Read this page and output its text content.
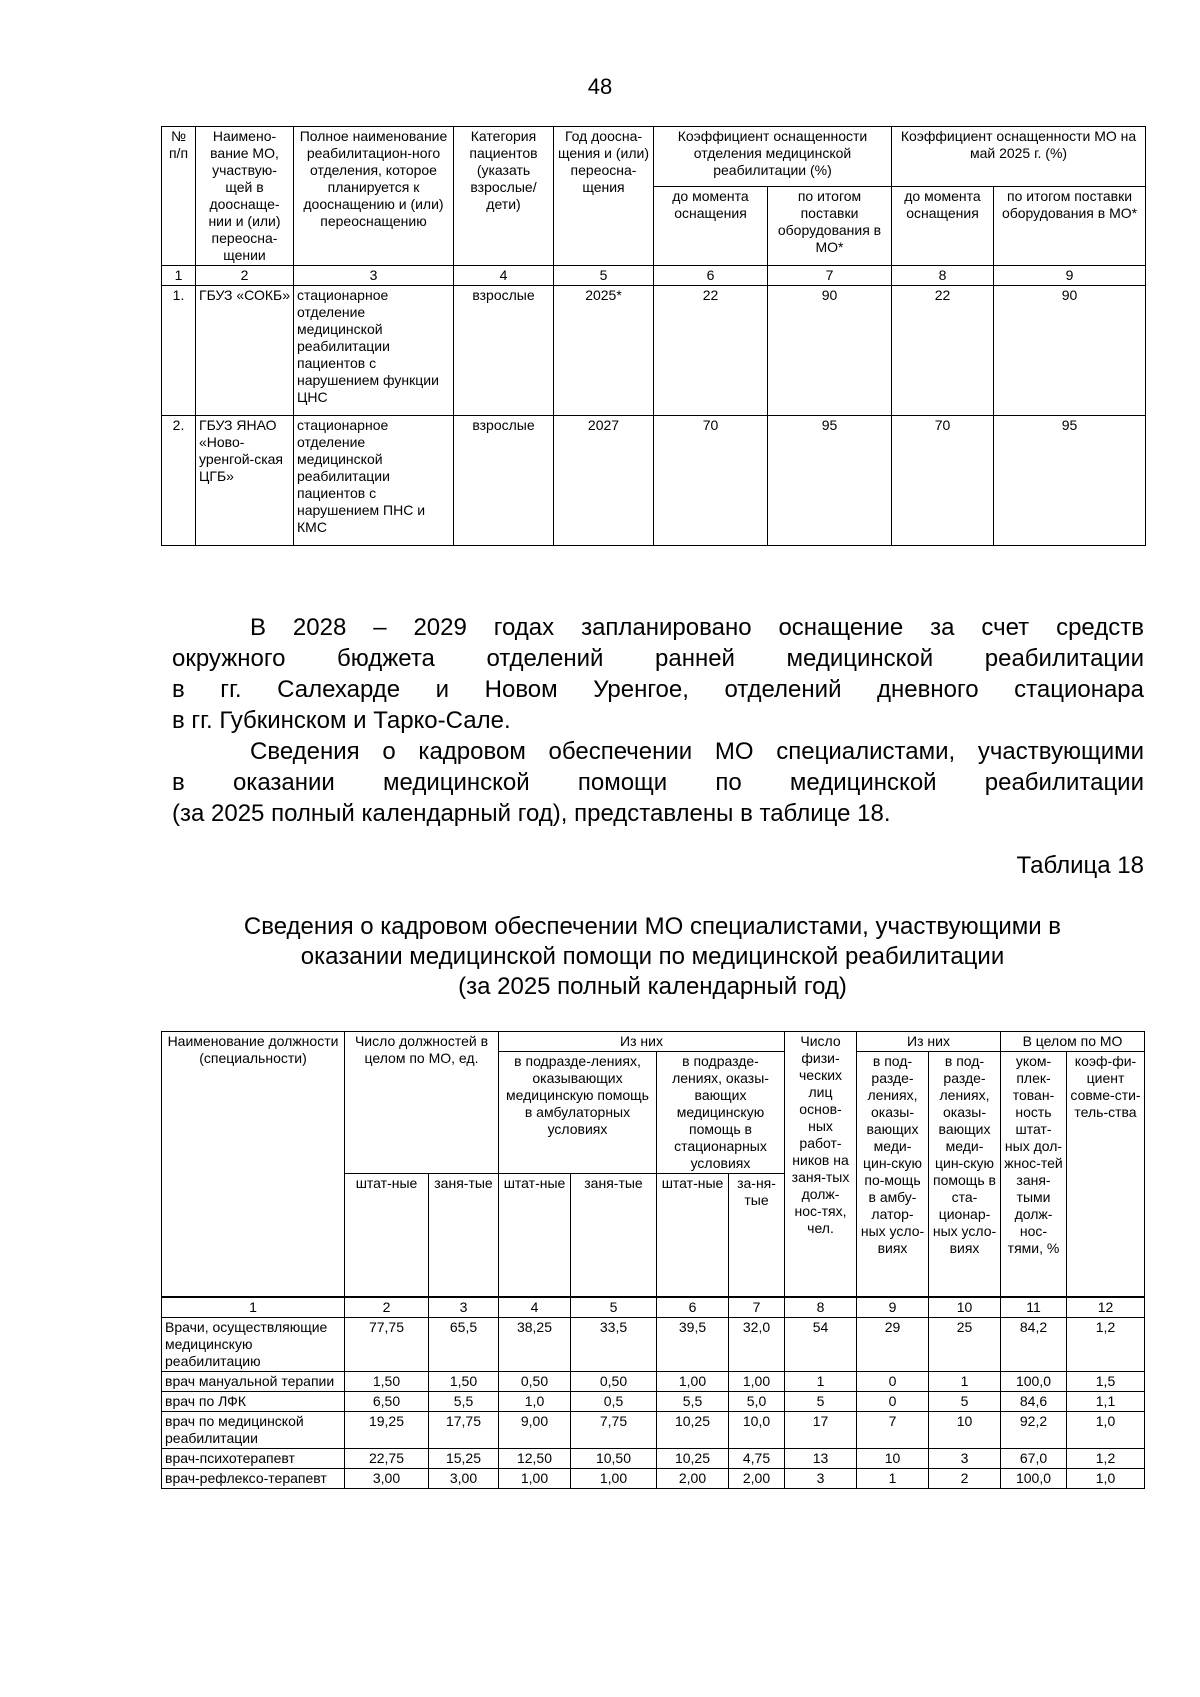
48
№ п/п	Наимено-вание МО, участвую-щей в дооснаще-нии и (или) переосна-щении	Полное наименование реабилитацион-ного отделения, которое планируется к дооснащению и (или) переоснащению	Категория пациентов (указать взрослые/ дети)	Год доосна-щения и (или) переосна-щения	Коэффициент оснащенности отделения медицинской реабилитации (%)		Коэффициент оснащенности МО на май 2025 г. (%)	
					до момента оснащения	по итогом поставки оборудования в МО*	до момента оснащения	по итогом поставки оборудования в МО*
1	2	3	4	5	6	7	8	9
1.	ГБУЗ «СОКБ»	стационарное отделение медицинской реабилитации пациентов с нарушением функции ЦНС	взрослые	2025*	22	90	22	90
2.	ГБУЗ ЯНАО «Ново-уренгой-ская ЦГБ»	стационарное отделение медицинской реабилитации пациентов с нарушением ПНС и КМС	взрослые	2027	70	95	70	95
В 2028 – 2029 годах запланировано оснащение за счет средств
окружного бюджета отделений ранней медицинской реабилитации
в гг. Салехарде и Новом Уренгое, отделений дневного стационара
в гг. Губкинском и Тарко-Сале.
Сведения о кадровом обеспечении МО специалистами, участвующими
в оказании медицинской помощи по медицинской реабилитации
(за 2025 полный календарный год), представлены в таблице 18.
Таблица 18
Сведения о кадровом обеспечении МО специалистами, участвующими в
оказании медицинской помощи по медицинской реабилитации
(за 2025 полный календарный год)
Наименование должности (специальности)	Число должностей в целом по МО, ед.		Из них				Число физи-ческих лиц основ-ных работ-ников на заня-тых долж-нос-тях, чел.	Из них		В целом по МО	
			в подразде-лениях, оказывающих медицинскую помощь в амбулаторных условиях		в подразде-лениях, оказы-вающих медицинскую помощь в стационарных условиях			в под-разде-лениях, оказы-вающих меди-цин-скую по-мощь в амбу-латор-ных усло-виях	в под-разде-лениях, оказы-вающих меди-цин-скую помощь в ста-ционар-ных усло-виях	уком-плек-тован-ность штат-ных дол-жнос-тей заня-тыми долж-нос-тями, %	коэф-фи-циент совме-сти-тель-ства
	штат-ные	заня-тые	штат-ные	заня-тые	штат-ные	за-ня-тые					
1	2	3	4	5	6	7	8	9	10	11	12
Врачи, осуществляющие медицинскую реабилитацию	77,75	65,5	38,25	33,5	39,5	32,0	54	29	25	84,2	1,2
врач мануальной терапии	1,50	1,50	0,50	0,50	1,00	1,00	1	0	1	100,0	1,5
врач по ЛФК	6,50	5,5	1,0	0,5	5,5	5,0	5	0	5	84,6	1,1
врач по медицинской реабилитации	19,25	17,75	9,00	7,75	10,25	10,0	17	7	10	92,2	1,0
врач-психотерапевт	22,75	15,25	12,50	10,50	10,25	4,75	13	10	3	67,0	1,2
врач-рефлексо-терапевт	3,00	3,00	1,00	1,00	2,00	2,00	3	1	2	100,0	1,0
